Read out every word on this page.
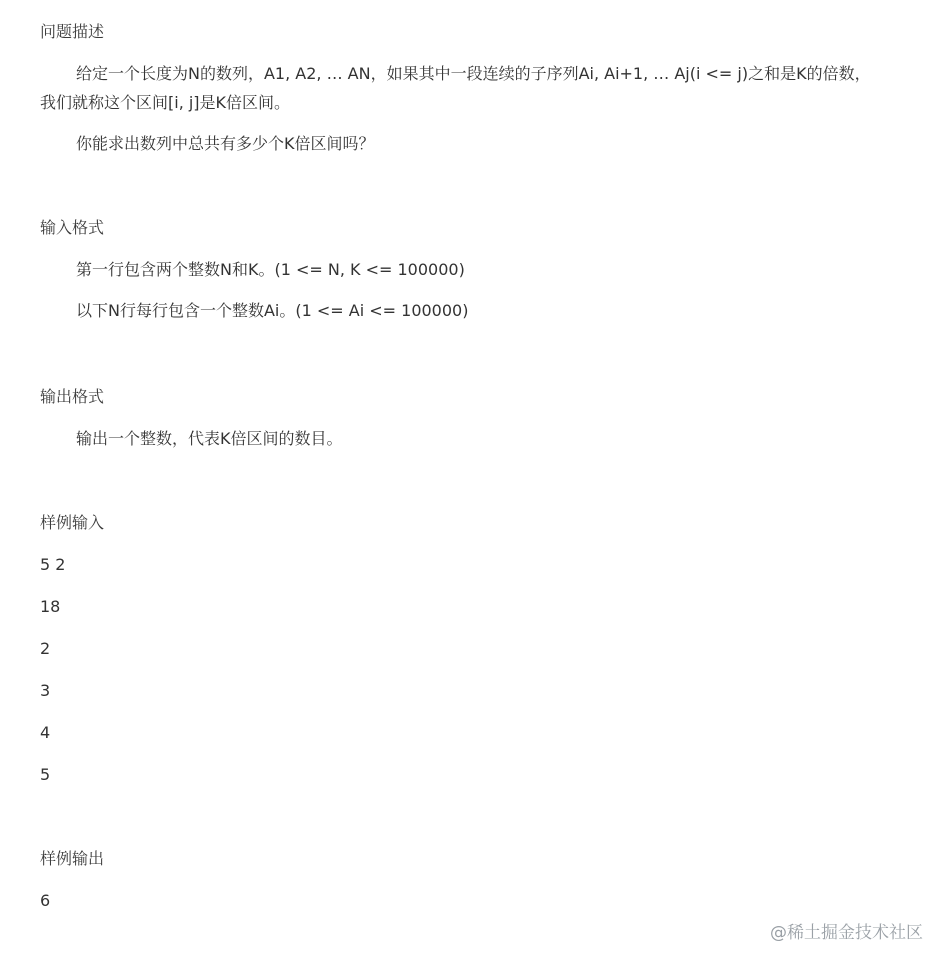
问题描述
给定一个长度为N的数列，A1, A2, … AN，如果其中一段连续的子序列Ai, Ai+1, … Aj(i <= j)之和是K的倍数，
我们就称这个区间[i, j]是K倍区间。
你能求出数列中总共有多少个K倍区间吗？
输入格式
第一行包含两个整数N和K。(1 <= N, K <= 100000)
以下N行每行包含一个整数Ai。(1 <= Ai <= 100000)
输出格式
输出一个整数，代表K倍区间的数目。
样例输入
5 2
18
2
3
4
5
样例输出
6
@稀土掘金技术社区
